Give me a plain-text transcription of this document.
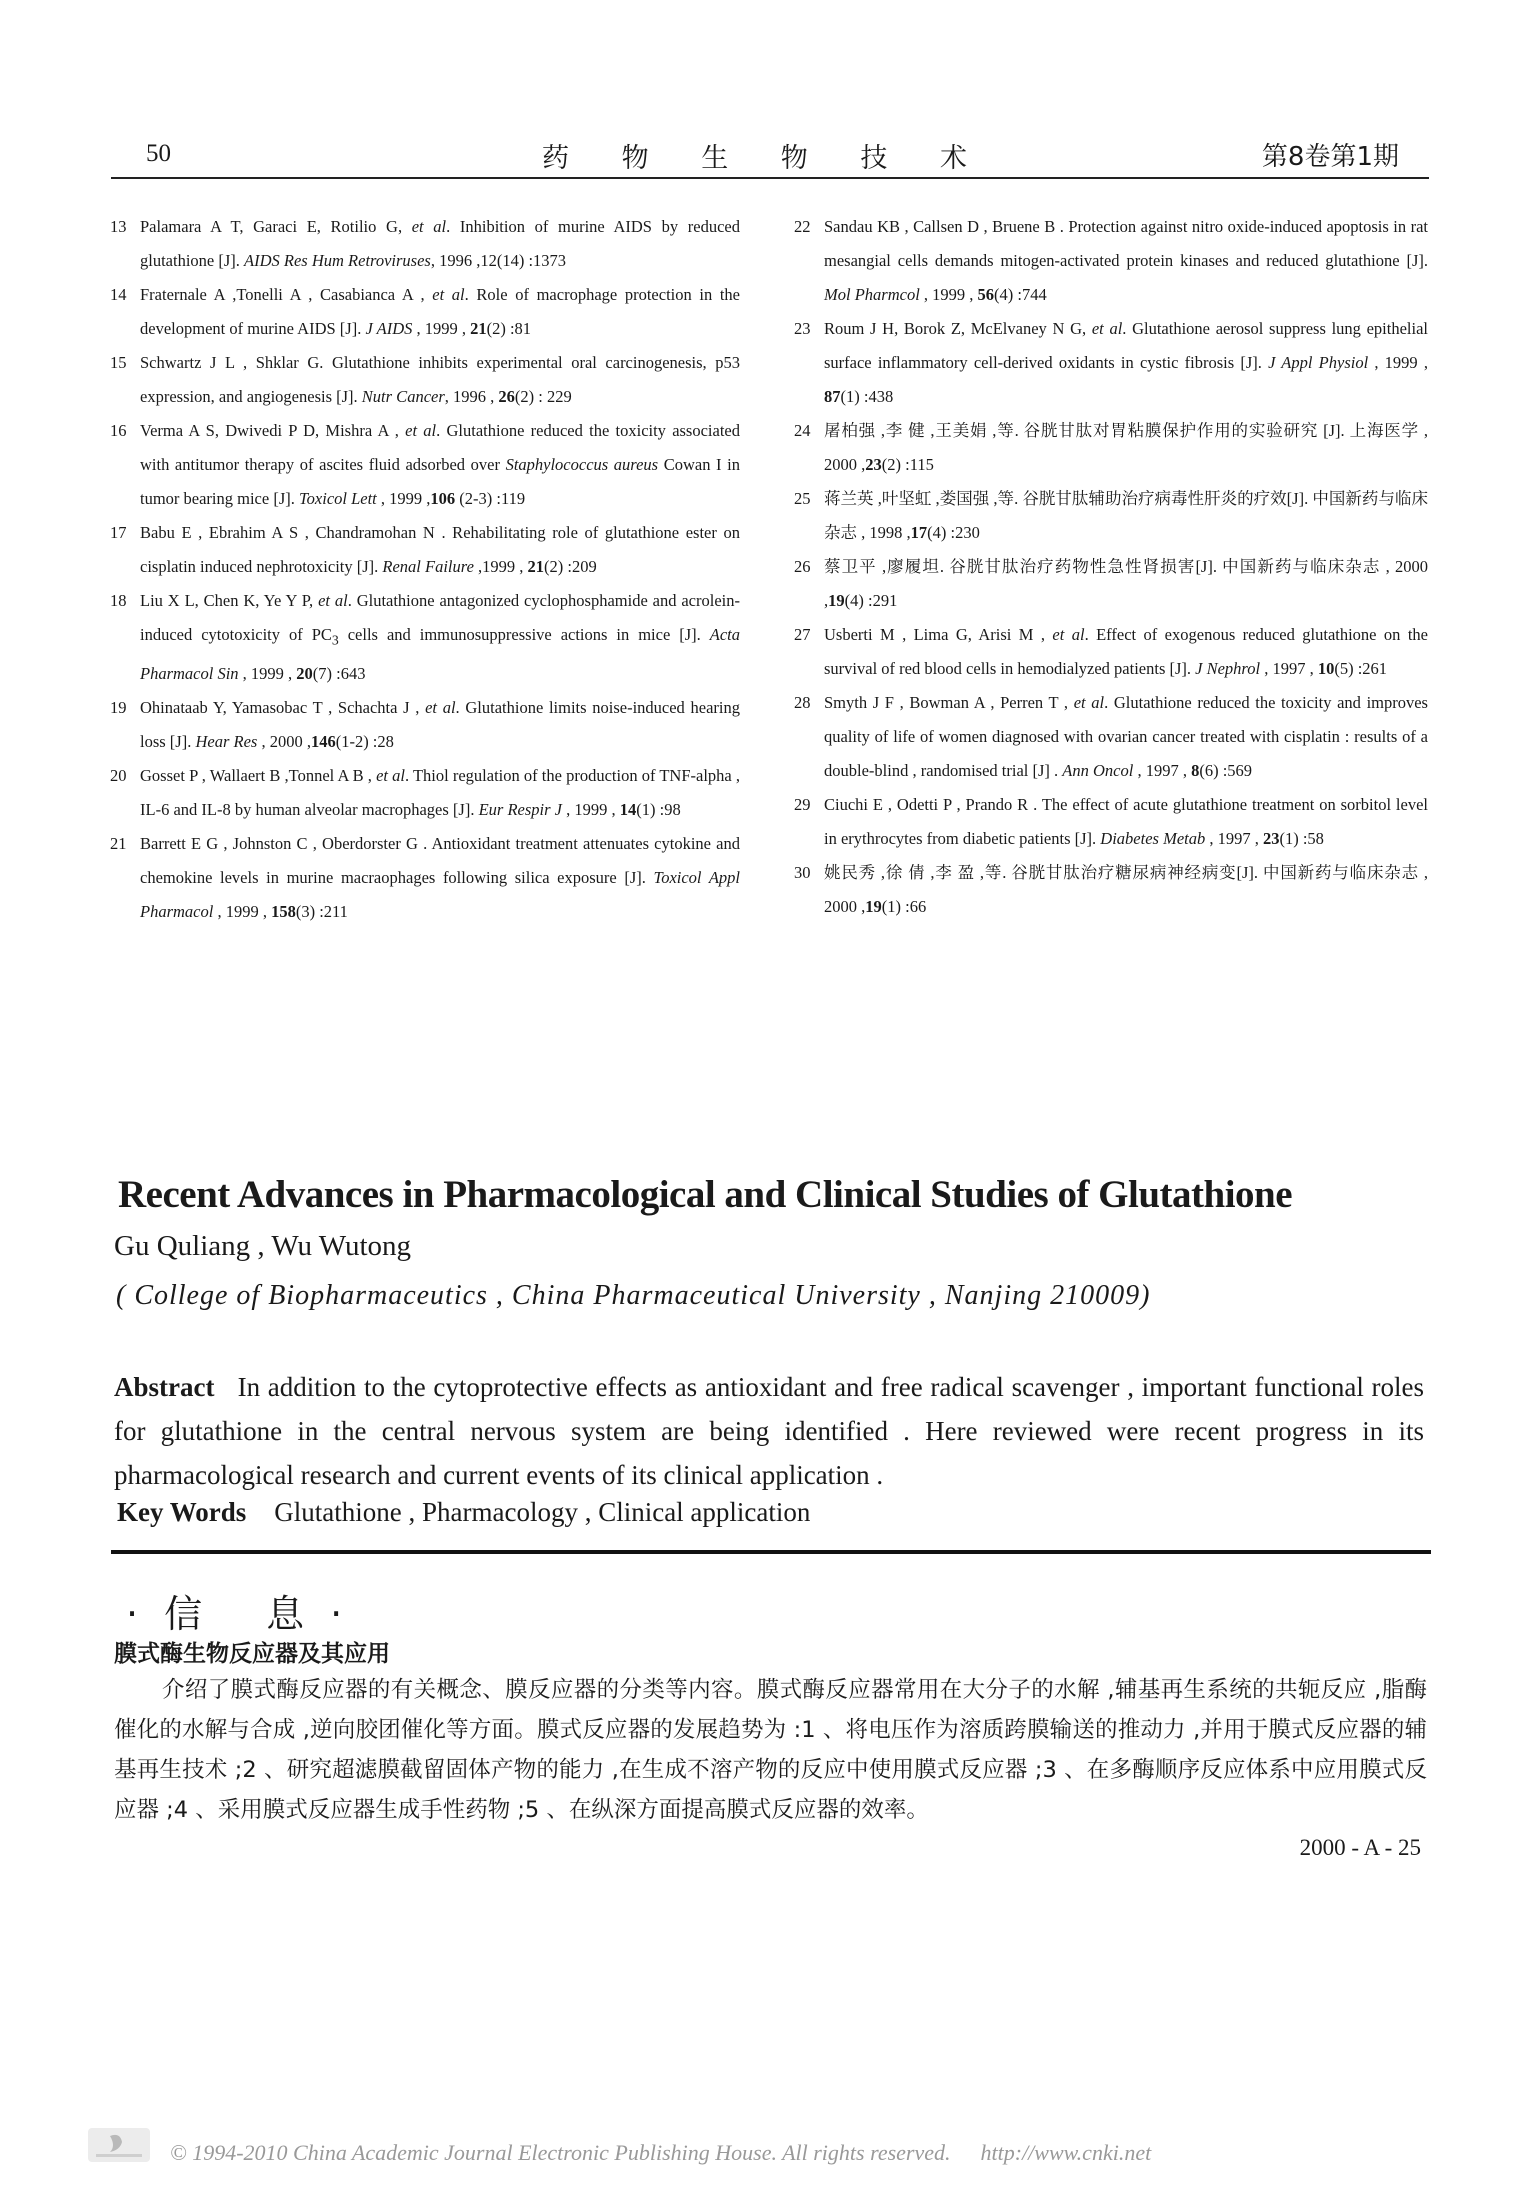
50	药 物 生 物 技 术	第8卷第1期
13 Palamara A T, Garaci E, Rotilio G, et al. Inhibition of murine AIDS by reduced glutathione [J]. AIDS Res Hum Retroviruses, 1996 ,12(14) :1373
14 Fraternale A ,Tonelli A , Casabianca A , et al. Role of macrophage protection in the development of murine AIDS [J]. J AIDS , 1999 , 21(2) :81
15 Schwartz J L , Shklar G. Glutathione inhibits experimental oral carcinogenesis, p53 expression, and angiogenesis [J]. Nutr Cancer, 1996 , 26(2) : 229
16 Verma A S, Dwivedi P D, Mishra A , et al. Glutathione reduced the toxicity associated with antitumor therapy of ascites fluid adsorbed over Staphylococcus aureus Cowan I in tumor bearing mice [J]. Toxicol Lett , 1999 ,106 (2-3) :119
17 Babu E , Ebrahim A S , Chandramohan N . Rehabilitating role of glutathione ester on cisplatin induced nephrotoxicity [J]. Renal Failure ,1999 , 21(2) :209
18 Liu X L, Chen K, Ye Y P, et al. Glutathione antagonized cyclophosphamide and acrolein-induced cytotoxicity of $PC_3$ cells and immunosuppressive actions in mice [J]. Acta Pharmacol Sin , 1999 , 20(7) :643
19 Ohinataab Y, Yamasobac T , Schachta J , et al. Glutathione limits noise-induced hearing loss [J]. Hear Res , 2000 ,146(1-2) :28
20 Gosset P , Wallaert B ,Tonnel A B , et al. Thiol regulation of the production of TNF-alpha , IL-6 and IL-8 by human alveolar macrophages [J]. Eur Respir J , 1999 , 14(1) :98
21 Barrett E G , Johnston C , Oberdorster G . Antioxidant treatment attenuates cytokine and chemokine levels in murine macraophages following silica exposure [J]. Toxicol Appl Pharmacol , 1999 , 158(3) :211
22 Sandau KB , Callsen D , Bruene B . Protection against nitro oxide-induced apoptosis in rat mesangial cells demands mitogen-activated protein kinases and reduced glutathione [J]. Mol Pharmcol , 1999 , 56(4) :744
23 Roum J H, Borok Z, McElvaney N G, et al. Glutathione aerosol suppress lung epithelial surface inflammatory cell-derived oxidants in cystic fibrosis [J]. J Appl Physiol , 1999 , 87(1) :438
24 屠柏强 ,李 健 ,王美娟 ,等. 谷胱甘肽对胃粘膜保护作用的实验研究 [J]. 上海医学 , 2000 ,23(2) :115
25 蒋兰英 ,叶坚虹 ,娄国强 ,等. 谷胱甘肽辅助治疗病毒性肝炎的疗效[J]. 中国新药与临床杂志 , 1998 ,17(4) :230
26 蔡卫平 ,廖履坦. 谷胱甘肽治疗药物性急性肾损害[J]. 中国新药与临床杂志 , 2000 ,19(4) :291
27 Usberti M , Lima G, Arisi M , et al. Effect of exogenous reduced glutathione on the survival of red blood cells in hemodialyzed patients [J]. J Nephrol , 1997 , 10(5) :261
28 Smyth J F , Bowman A , Perren T , et al. Glutathione reduced the toxicity and improves quality of life of women diagnosed with ovarian cancer treated with cisplatin : results of a double-blind , randomised trial [J] . Ann Oncol , 1997 , 8(6) :569
29 Ciuchi E , Odetti P , Prando R . The effect of acute glutathione treatment on sorbitol level in erythrocytes from diabetic patients [J]. Diabetes Metab , 1997 , 23(1) :58
30 姚民秀 ,徐 倩 ,李 盈 ,等. 谷胱甘肽治疗糖尿病神经病变[J]. 中国新药与临床杂志 , 2000 ,19(1) :66
Recent Advances in Pharmacological and Clinical Studies of Glutathione
Gu Quliang , Wu Wutong
( College of Biopharmaceutics , China Pharmaceutical University , Nanjing 210009)
Abstract In addition to the cytoprotective effects as antioxidant and free radical scavenger , important functional roles for glutathione in the central nervous system are being identified . Here reviewed were recent progress in its pharmacological research and current events of its clinical application .
Key Words Glutathione , Pharmacology , Clinical application
·信 息·
膜式酶生物反应器及其应用
介绍了膜式酶反应器的有关概念、膜反应器的分类等内容。膜式酶反应器常用在大分子的水解 ,辅基再生系统的共轭反应 ,脂酶催化的水解与合成 ,逆向胶团催化等方面。膜式反应器的发展趋势为 :1 、将电压作为溶质跨膜输送的推动力 ,并用于膜式反应器的辅基再生技术 ;2 、研究超滤膜截留固体产物的能力 ,在生成不溶产物的反应中使用膜式反应器 ;3 、在多酶顺序反应体系中应用膜式反应器 ;4 、采用膜式反应器生成手性药物 ;5 、在纵深方面提高膜式反应器的效率。
2000 - A - 25
© 1994-2010 China Academic Journal Electronic Publishing House. All rights reserved. http://www.cnki.net
